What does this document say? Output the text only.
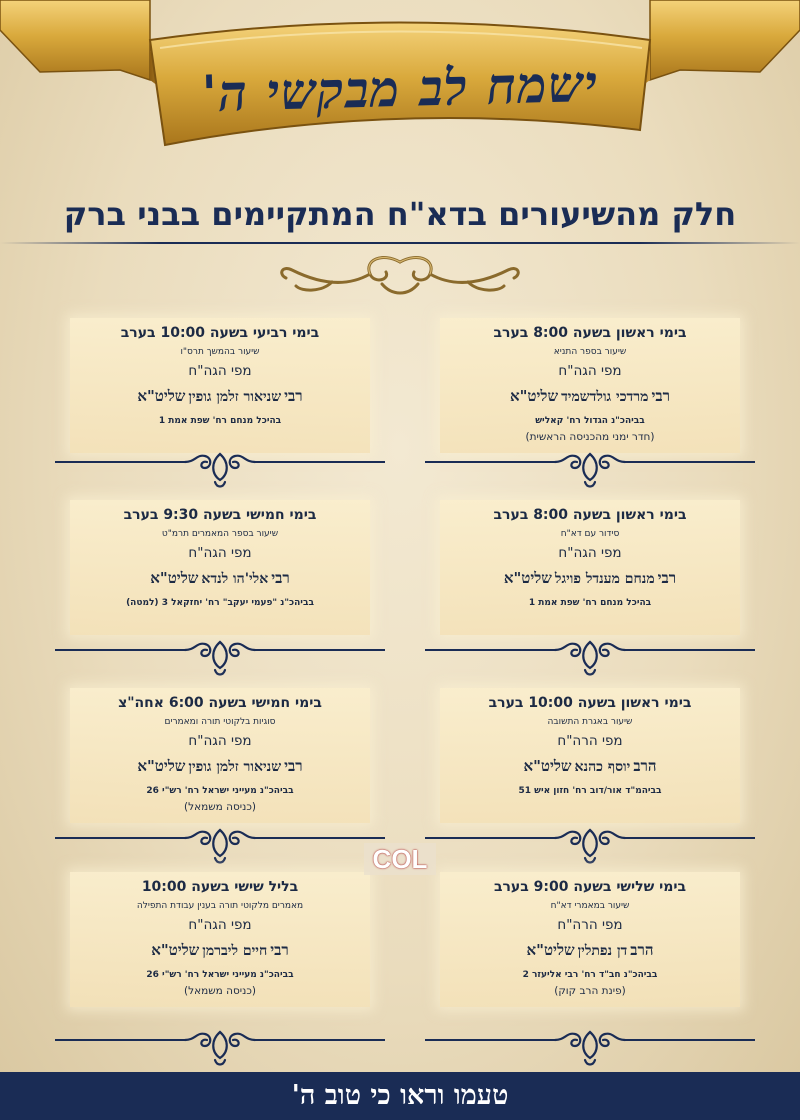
ישמח לב מבקשי ה'
חלק מהשיעורים בדא"ח המתקיימים בבני ברק
בימי ראשון בשעה 8:00 בערב
שיעור בספר התניא
מפי הגה"ח
רבימרדכי גולדשמידשליט"א
בביהכ"נ הגדול רח' קאליש
(חדר ימני מהכניסה הראשית)
בימי רביעי בשעה 10:00 בערב
שיעור בהמשך תרס"ו
מפי הגה"ח
רבישניאור זלמן גופיןשליט"א
בהיכל מנחם רח' שפת אמת 1
בימי ראשון בשעה 8:00 בערב
סידור עם דא"ח
מפי הגה"ח
רבימנחם מענדל פויגלשליט"א
בהיכל מנחם רח' שפת אמת 1
בימי חמישי בשעה 9:30 בערב
שיעור בספר המאמרים תרמ"ט
מפי הגה"ח
רביאלי'הו לנדאשליט"א
בביהכ"נ "פעמי יעקב" רח' יחזקאל 3 (למטה)
בימי ראשון בשעה 10:00 בערב
שיעור באגרת התשובה
מפי הרה"ח
הרביוסף כהנאשליט"א
בביהמ"ד אור/דוב רח' חזון איש 51
בימי חמישי בשעה 6:00 אחה"צ
סוגיות בלקוטי תורה ומאמרים
מפי הגה"ח
רבישניאור זלמן גופיןשליט"א
בביהכ"נ מעייני ישראל רח' רש"י 26
(כניסה משמאל)
בימי שלישי בשעה 9:00 בערב
שיעור במאמרי דא"ח
מפי הרה"ח
הרבדן נפתליןשליט"א
בביהכ"נ חב"ד רח' רבי אליעזר 2
(פינת הרב קוק)
בליל שישי בשעה 10:00
מאמרים מלקוטי תורה בענין עבודת התפילה
מפי הגה"ח
רביחיים ליברמןשליט"א
בביהכ"נ מעייני ישראל רח' רש"י 26
(כניסה משמאל)
COL
טעמו וראו כי טוב ה'
